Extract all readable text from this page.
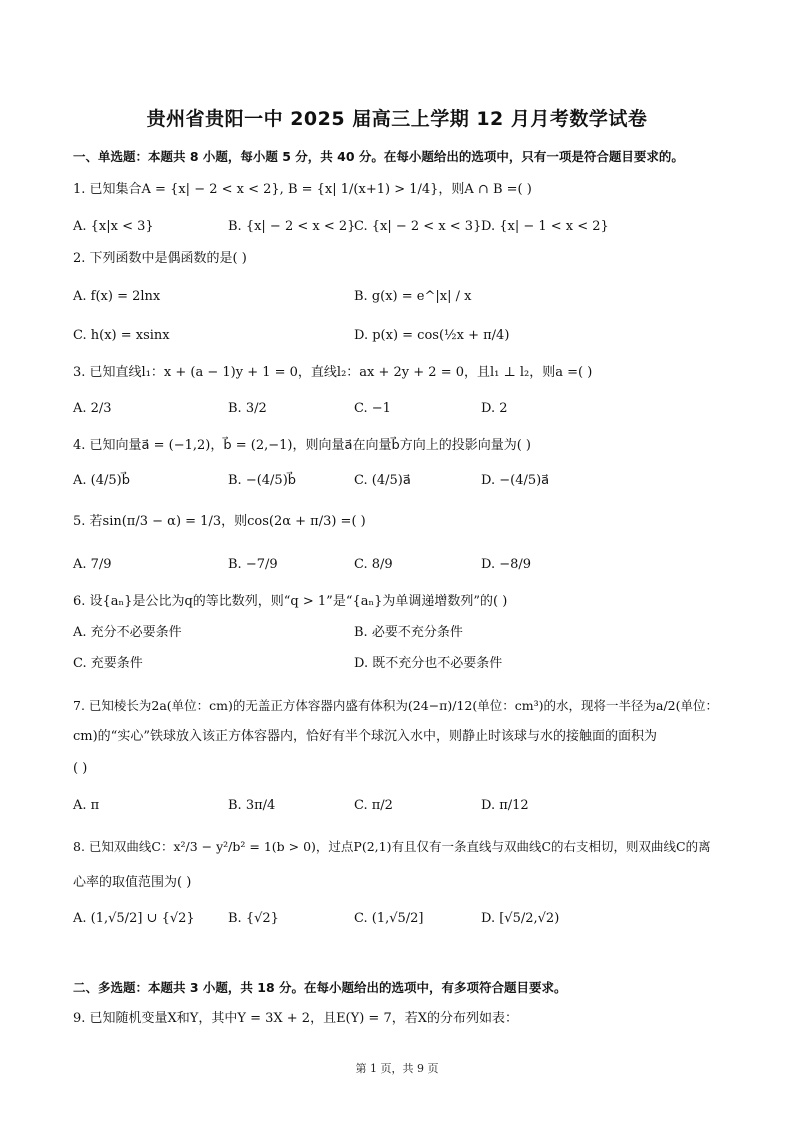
贵州省贵阳一中 2025 届高三上学期 12 月月考数学试卷
一、单选题：本题共 8 小题，每小题 5 分，共 40 分。在每小题给出的选项中，只有一项是符合题目要求的。
1. 已知集合A = {x| − 2 < x < 2}, B = {x| 1/(x+1) > 1/4}，则A ∩ B =( )
A. {x|x < 3}	B. {x| − 2 < x < 2}
C. {x| − 2 < x < 3} D. {x| − 1 < x < 2}
2. 下列函数中是偶函数的是( )
A. f(x) = 2lnx	B. g(x) = e^|x| / x
C. h(x) = xsinx	D. p(x) = cos(½x + π/4)
3. 已知直线l₁：x + (a − 1)y + 1 = 0，直线l₂：ax + 2y + 2 = 0，且l₁ ⊥ l₂，则a =( )
A. 2/3	B. 3/2	C. −1	D. 2
4. 已知向量a⃗ = (−1,2)，b⃗ = (2,−1)，则向量a⃗在向量b⃗方向上的投影向量为( )
A. (4/5)b⃗	B. −(4/5)b⃗	C. (4/5)a⃗	D. −(4/5)a⃗
5. 若sin(π/3 − α) = 1/3，则cos(2α + π/3) =( )
A. 7/9	B. −7/9	C. 8/9	D. −8/9
6. 设{aₙ}是公比为q的等比数列，则“q > 1”是“{aₙ}为单调递增数列”的( )
A. 充分不必要条件	B. 必要不充分条件
C. 充要条件	D. 既不充分也不必要条件
7. 已知棱长为2a(单位：cm)的无盖正方体容器内盛有体积为(24−π)/12(单位：cm³)的水，现将一半径为a/2(单位：
cm)的“实心”铁球放入该正方体容器内，恰好有半个球沉入水中，则静止时该球与水的接触面的面积为
( )
A. π	B. 3π/4	C. π/2	D. π/12
8. 已知双曲线C：x²/3 − y²/b² = 1(b > 0)，过点P(2,1)有且仅有一条直线与双曲线C的右支相切，则双曲线C的离
心率的取值范围为( )
A. (1,√5/2] ∪ {√2}	B. {√2}	C. (1,√5/2]	D. [√5/2,√2)
二、多选题：本题共 3 小题，共 18 分。在每小题给出的选项中，有多项符合题目要求。
9. 已知随机变量X和Y，其中Y = 3X + 2，且E(Y) = 7，若X的分布列如表：
第 1 页，共 9 页
